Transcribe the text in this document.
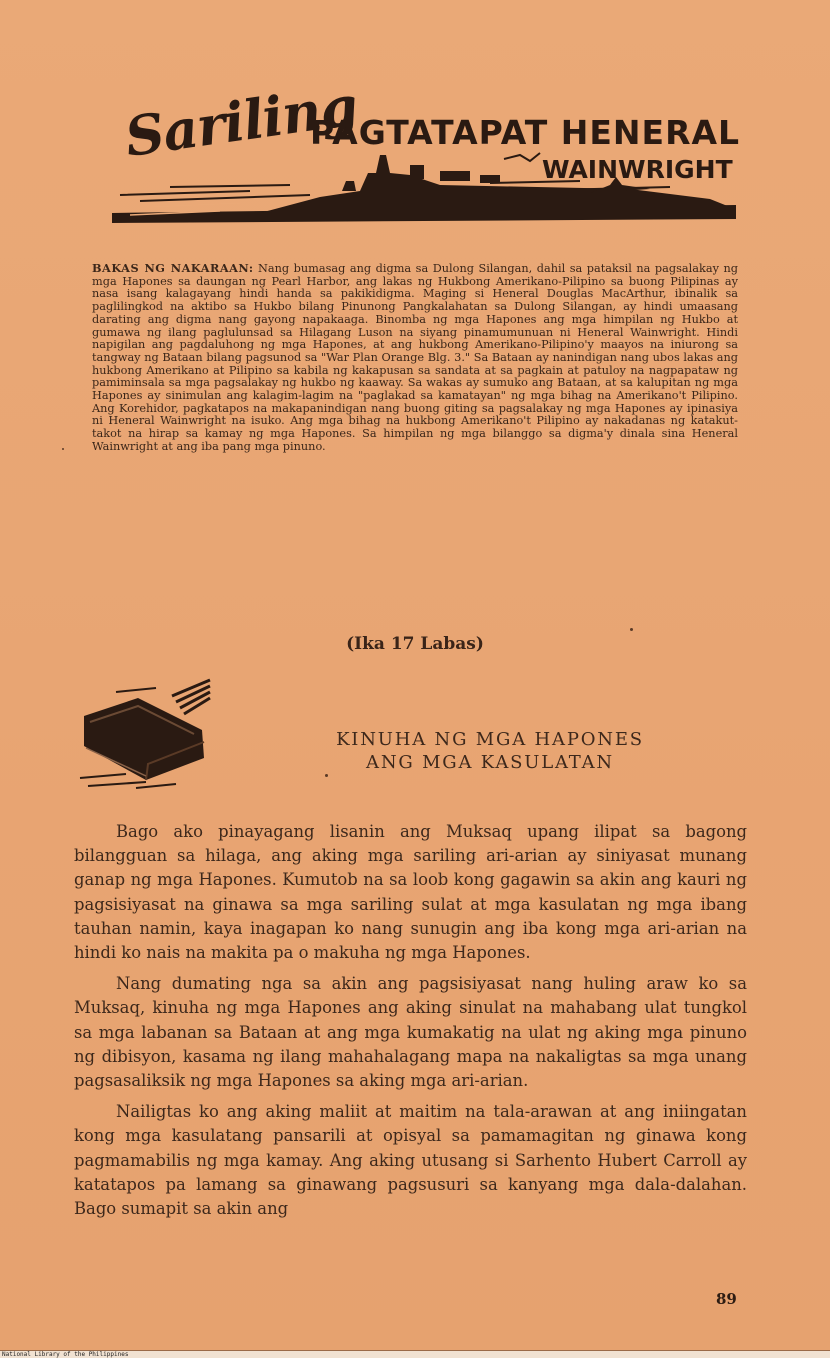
Sariling
PAGTATAPAT HENERAL
WAINWRIGHT
BAKAS NG NAKARAAN: Nang bumasag ang digma sa Dulong Silangan, dahil sa pataksil na pagsalakay ng mga Hapones sa daungan ng Pearl Harbor, ang lakas ng Hukbong Amerikano-Pilipino sa buong Pilipinas ay nasa isang kalagayang hindi handa sa pakikidigma. Maging si Heneral Douglas MacArthur, ibinalik sa paglilingkod na aktibo sa Hukbo bilang Pinunong Pangkalahatan sa Dulong Silangan, ay hindi umaasang darating ang digma nang gayong napakaaga. Binomba ng mga Hapones ang mga himpilan ng Hukbo at gumawa ng ilang paglulunsad sa Hilagang Luson na siyang pinamumunuan ni Heneral Wainwright. Hindi napigilan ang pagdaluhong ng mga Hapones, at ang hukbong Amerikano-Pilipino'y maayos na iniurong sa tangway ng Bataan bilang pagsunod sa "War Plan Orange Blg. 3." Sa Bataan ay nanindigan nang ubos lakas ang hukbong Amerikano at Pilipino sa kabila ng kakapusan sa sandata at sa pagkain at patuloy na nagpapataw ng pamiminsala sa mga pagsalakay ng hukbo ng kaaway. Sa wakas ay sumuko ang Bataan, at sa kalupitan ng mga Hapones ay sinimulan ang kalagim-lagim na "paglakad sa kamatayan" ng mga bihag na Amerikano't Pilipino. Ang Korehidor, pagkatapos na makapanindigan nang buong giting sa pagsalakay ng mga Hapones ay ipinasiya ni Heneral Wainwright na isuko. Ang mga bihag na hukbong Amerikano't Pilipino ay nakadanas ng katakut-takot na hirap sa kamay ng mga Hapones. Sa himpilan ng mga bilanggo sa digma'y dinala sina Heneral Wainwright at ang iba pang mga pinuno.
(Ika 17 Labas)
KINUHA NG MGA HAPONES
ANG MGA KASULATAN

Bago ako pinayagang lisanin ang Muksaq upang ilipat sa bagong bilangguan sa hilaga, ang aking mga sariling ari-arian ay siniyasat munang ganap ng mga Hapones. Kumutob na sa loob kong gagawin sa akin ang kauri ng pagsisiyasat na ginawa sa mga sariling sulat at mga kasulatan ng mga ibang tauhan namin, kaya inagapan ko nang sunugin ang iba kong mga ari-arian na hindi ko nais na makita pa o makuha ng mga Hapones.

Nang dumating nga sa akin ang pagsisiyasat nang huling araw ko sa Muksaq, kinuha ng mga Hapones ang aking sinulat na mahabang ulat tungkol sa mga labanan sa Bataan at ang mga kumakatig na ulat ng aking mga pinuno ng dibisyon, kasama ng ilang mahahalagang mapa na nakaligtas sa mga unang pagsasaliksik ng mga Hapones sa aking mga ari-arian.

Nailigtas ko ang aking maliit at maitim na tala-arawan at ang iniingatan kong mga kasulatang pansarili at opisyal sa pamamagitan ng ginawa kong pagmamabilis ng mga kamay. Ang aking utusang si Sarhento Hubert Carroll ay katatapos pa lamang sa ginawang pagsusuri sa kanyang mga dala-dalahan. Bago sumapit sa akin ang

89
National Library of the Philippines
